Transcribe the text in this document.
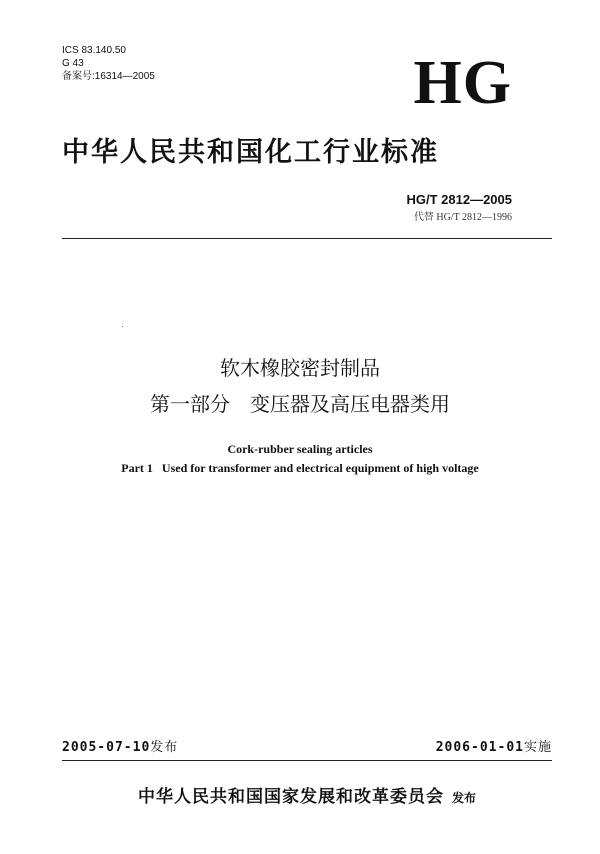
ICS 83.140.50
G 43
备案号:16314—2005	HG
中华人民共和国化工行业标准
HG/T 2812—2005
代替 HG/T 2812—1996
软木橡胶密封制品
第一部分　变压器及高压电器类用
Cork-rubber sealing articles
Part 1   Used for transformer and electrical equipment of high voltage
2005-07-10发布	2006-01-01实施
中华人民共和国国家发展和改革委员会 发布
